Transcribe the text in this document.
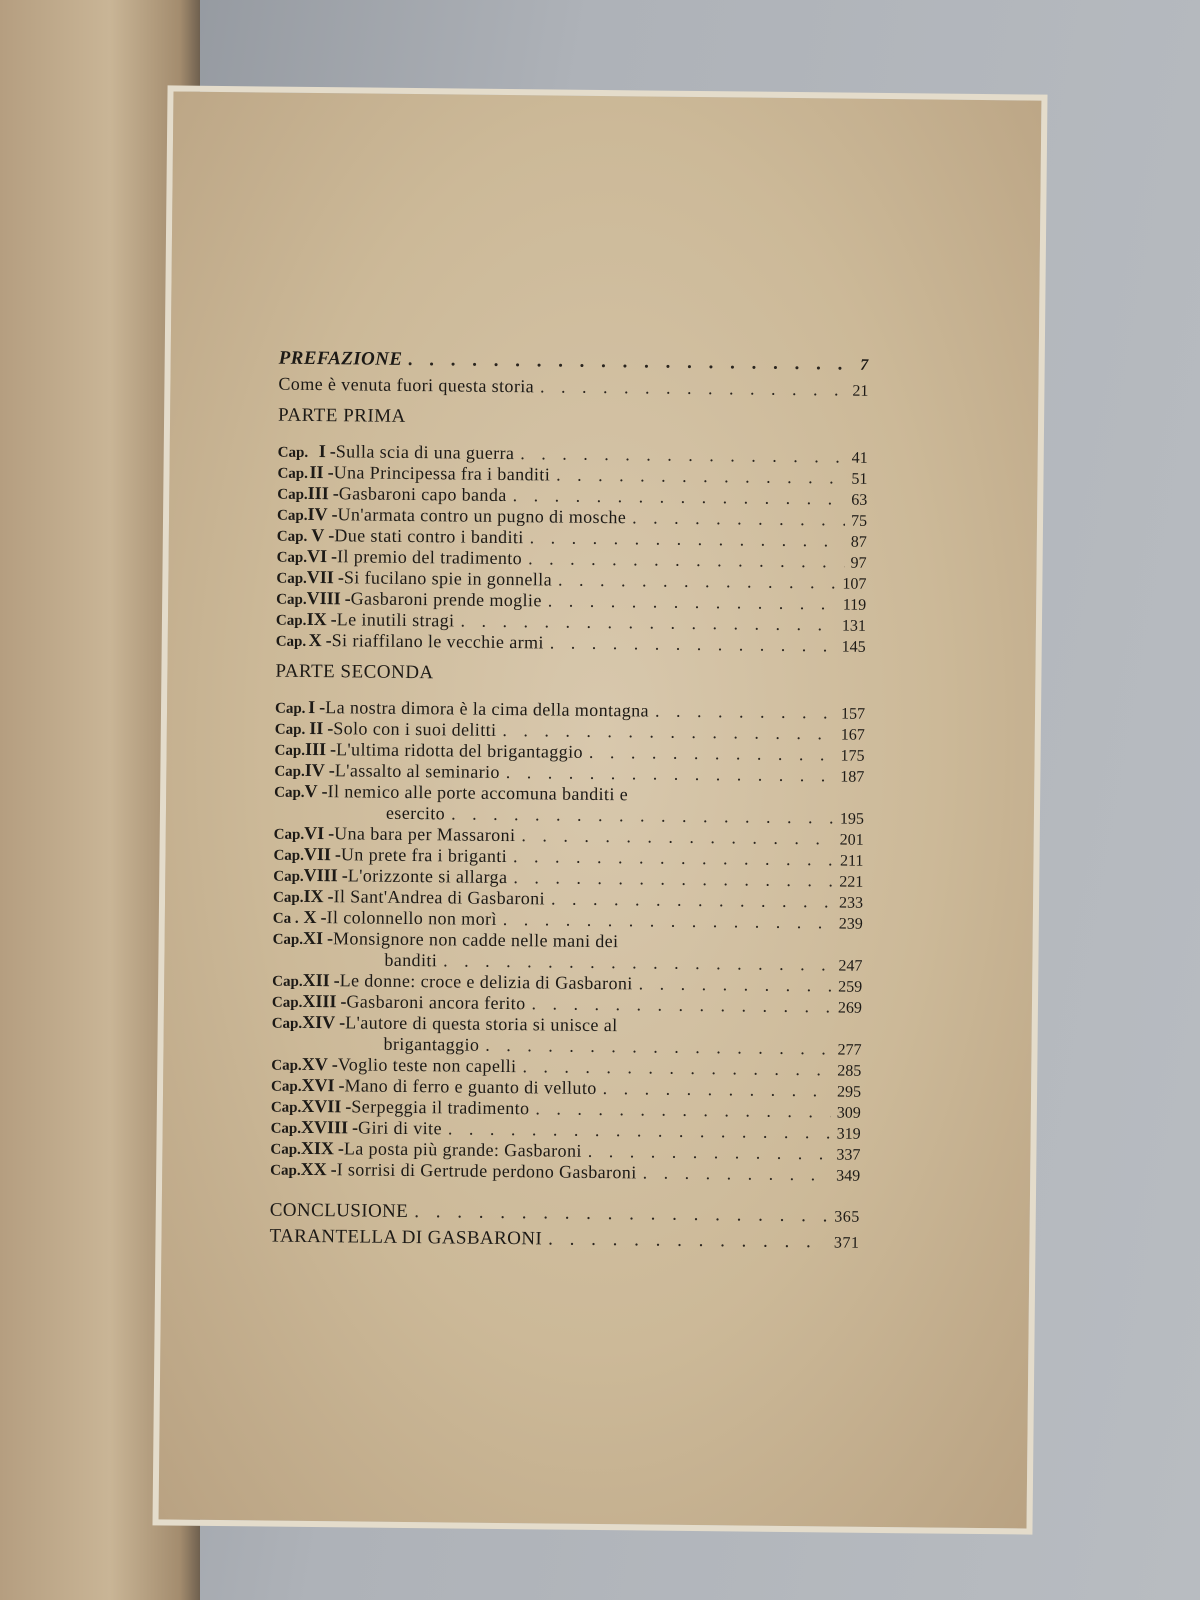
PREFAZIONE . . .	7
Come è venuta fuori questa storia . . .	21
PARTE PRIMA
Cap. I - Sulla scia di una guerra . . .	41
Cap. II - Una Principessa fra i banditi . . .	51
Cap. III - Gasbaroni capo banda . . .	63
Cap. IV - Un'armata contro un pugno di mosche . . .	75
Cap. V - Due stati contro i banditi . . .	87
Cap. VI - Il premio del tradimento . . .	97
Cap. VII - Si fucilano spie in gonnella . . .	107
Cap. VIII - Gasbaroni prende moglie . . .	119
Cap. IX - Le inutili stragi . . .	131
Cap. X - Si riaffilano le vecchie armi . . .	145
PARTE SECONDA
Cap. I - La nostra dimora è la cima della montagna . . .	157
Cap. II - Solo con i suoi delitti . . .	167
Cap. III - L'ultima ridotta del brigantaggio . . .	175
Cap. IV - L'assalto al seminario . . .	187
Cap. V - Il nemico alle porte accomuna banditi e
esercito . . .	195
Cap. VI - Una bara per Massaroni . . .	201
Cap. VII - Un prete fra i briganti . . .	211
Cap. VIII - L'orizzonte si allarga . . .	221
Cap. IX - Il Sant'Andrea di Gasbaroni . . .	233
Ca . X - Il colonnello non morì . . .	239
Cap. XI - Monsignore non cadde nelle mani dei
banditi . . .	247
Cap. XII - Le donne: croce e delizia di Gasbaroni . . .	259
Cap. XIII - Gasbaroni ancora ferito . . .	269
Cap. XIV - L'autore di questa storia si unisce al
brigantaggio . . .	277
Cap. XV - Voglio teste non capelli . . .	285
Cap. XVI - Mano di ferro e guanto di velluto . . .	295
Cap. XVII - Serpeggia il tradimento . . .	309
Cap. XVIII - Giri di vite . . .	319
Cap. XIX - La posta più grande: Gasbaroni . . .	337
Cap. XX - I sorrisi di Gertrude perdono Gasbaroni . . .	349
CONCLUSIONE . . .	365
TARANTELLA DI GASBARONI . . .	371
